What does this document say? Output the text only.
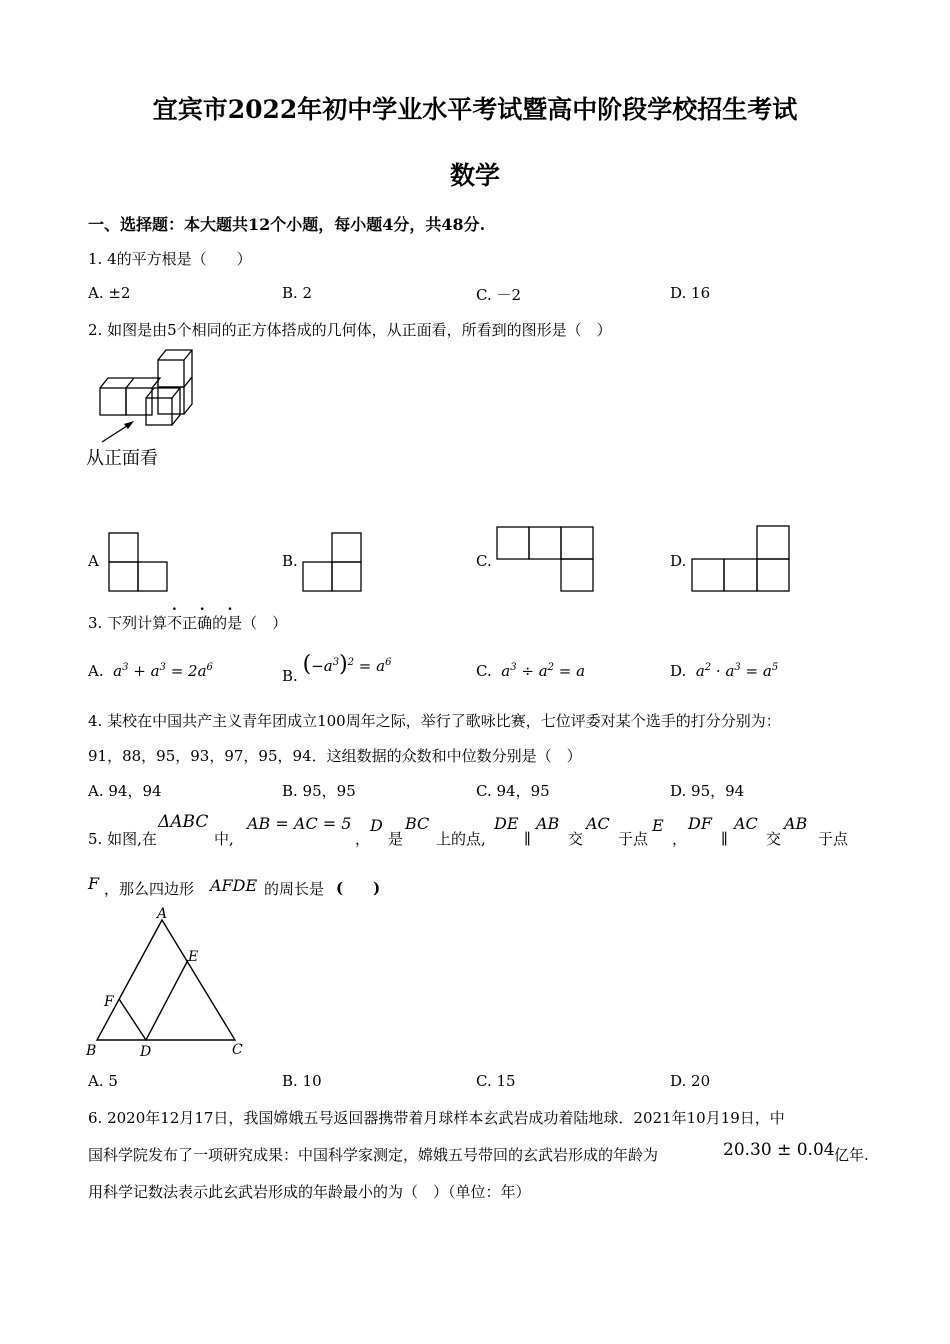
宜宾市2022年初中学业水平考试暨高中阶段学校招生考试
数学
一、选择题：本大题共12个小题，每小题4分，共48分.
1. 4的平方根是（　　）
A. ±2	B. 2	C. －2	D. 16
2. 如图是由5个相同的正方体搭成的几何体，从正面看，所看到的图形是（　）
从正面看
A	B.	C.	D.
. . .
3. 下列计算不正确的是（　）
A.  $a^3 + a^3 = 2a^6$	B. $(-a^3)^2 = a^6$	C.  $a^3 \div a^2 = a$	D.  $a^2 \cdot a^3 = a^5$
4. 某校在中国共产主义青年团成立100周年之际，举行了歌咏比赛，七位评委对某个选手的打分分别为：
91，88，95，93，97，95，94．这组数据的众数和中位数分别是（　）
A. 94，94	B. 95，95	C. 94，95	D. 95，94
5. 如图,在
ΔABC
中,
AB = AC = 5
，
D
是
BC
上的点,
DE
∥
AB
交
AC
于点
E
，
DF
∥
AC
交
AB
于点
F ，那么四边形 AFDE 的周长是 (　　)
A
E
F
B	D	C
A. 5	B. 10	C. 15	D. 20
6. 2020年12月17日，我国嫦娥五号返回器携带着月球样本玄武岩成功着陆地球．2021年10月19日，中
国科学院发布了一项研究成果：中国科学家测定，嫦娥五号带回的玄武岩形成的年龄为	20.30 ± 0.04 亿年.
用科学记数法表示此玄武岩形成的年龄最小的为（　）（单位：年）
